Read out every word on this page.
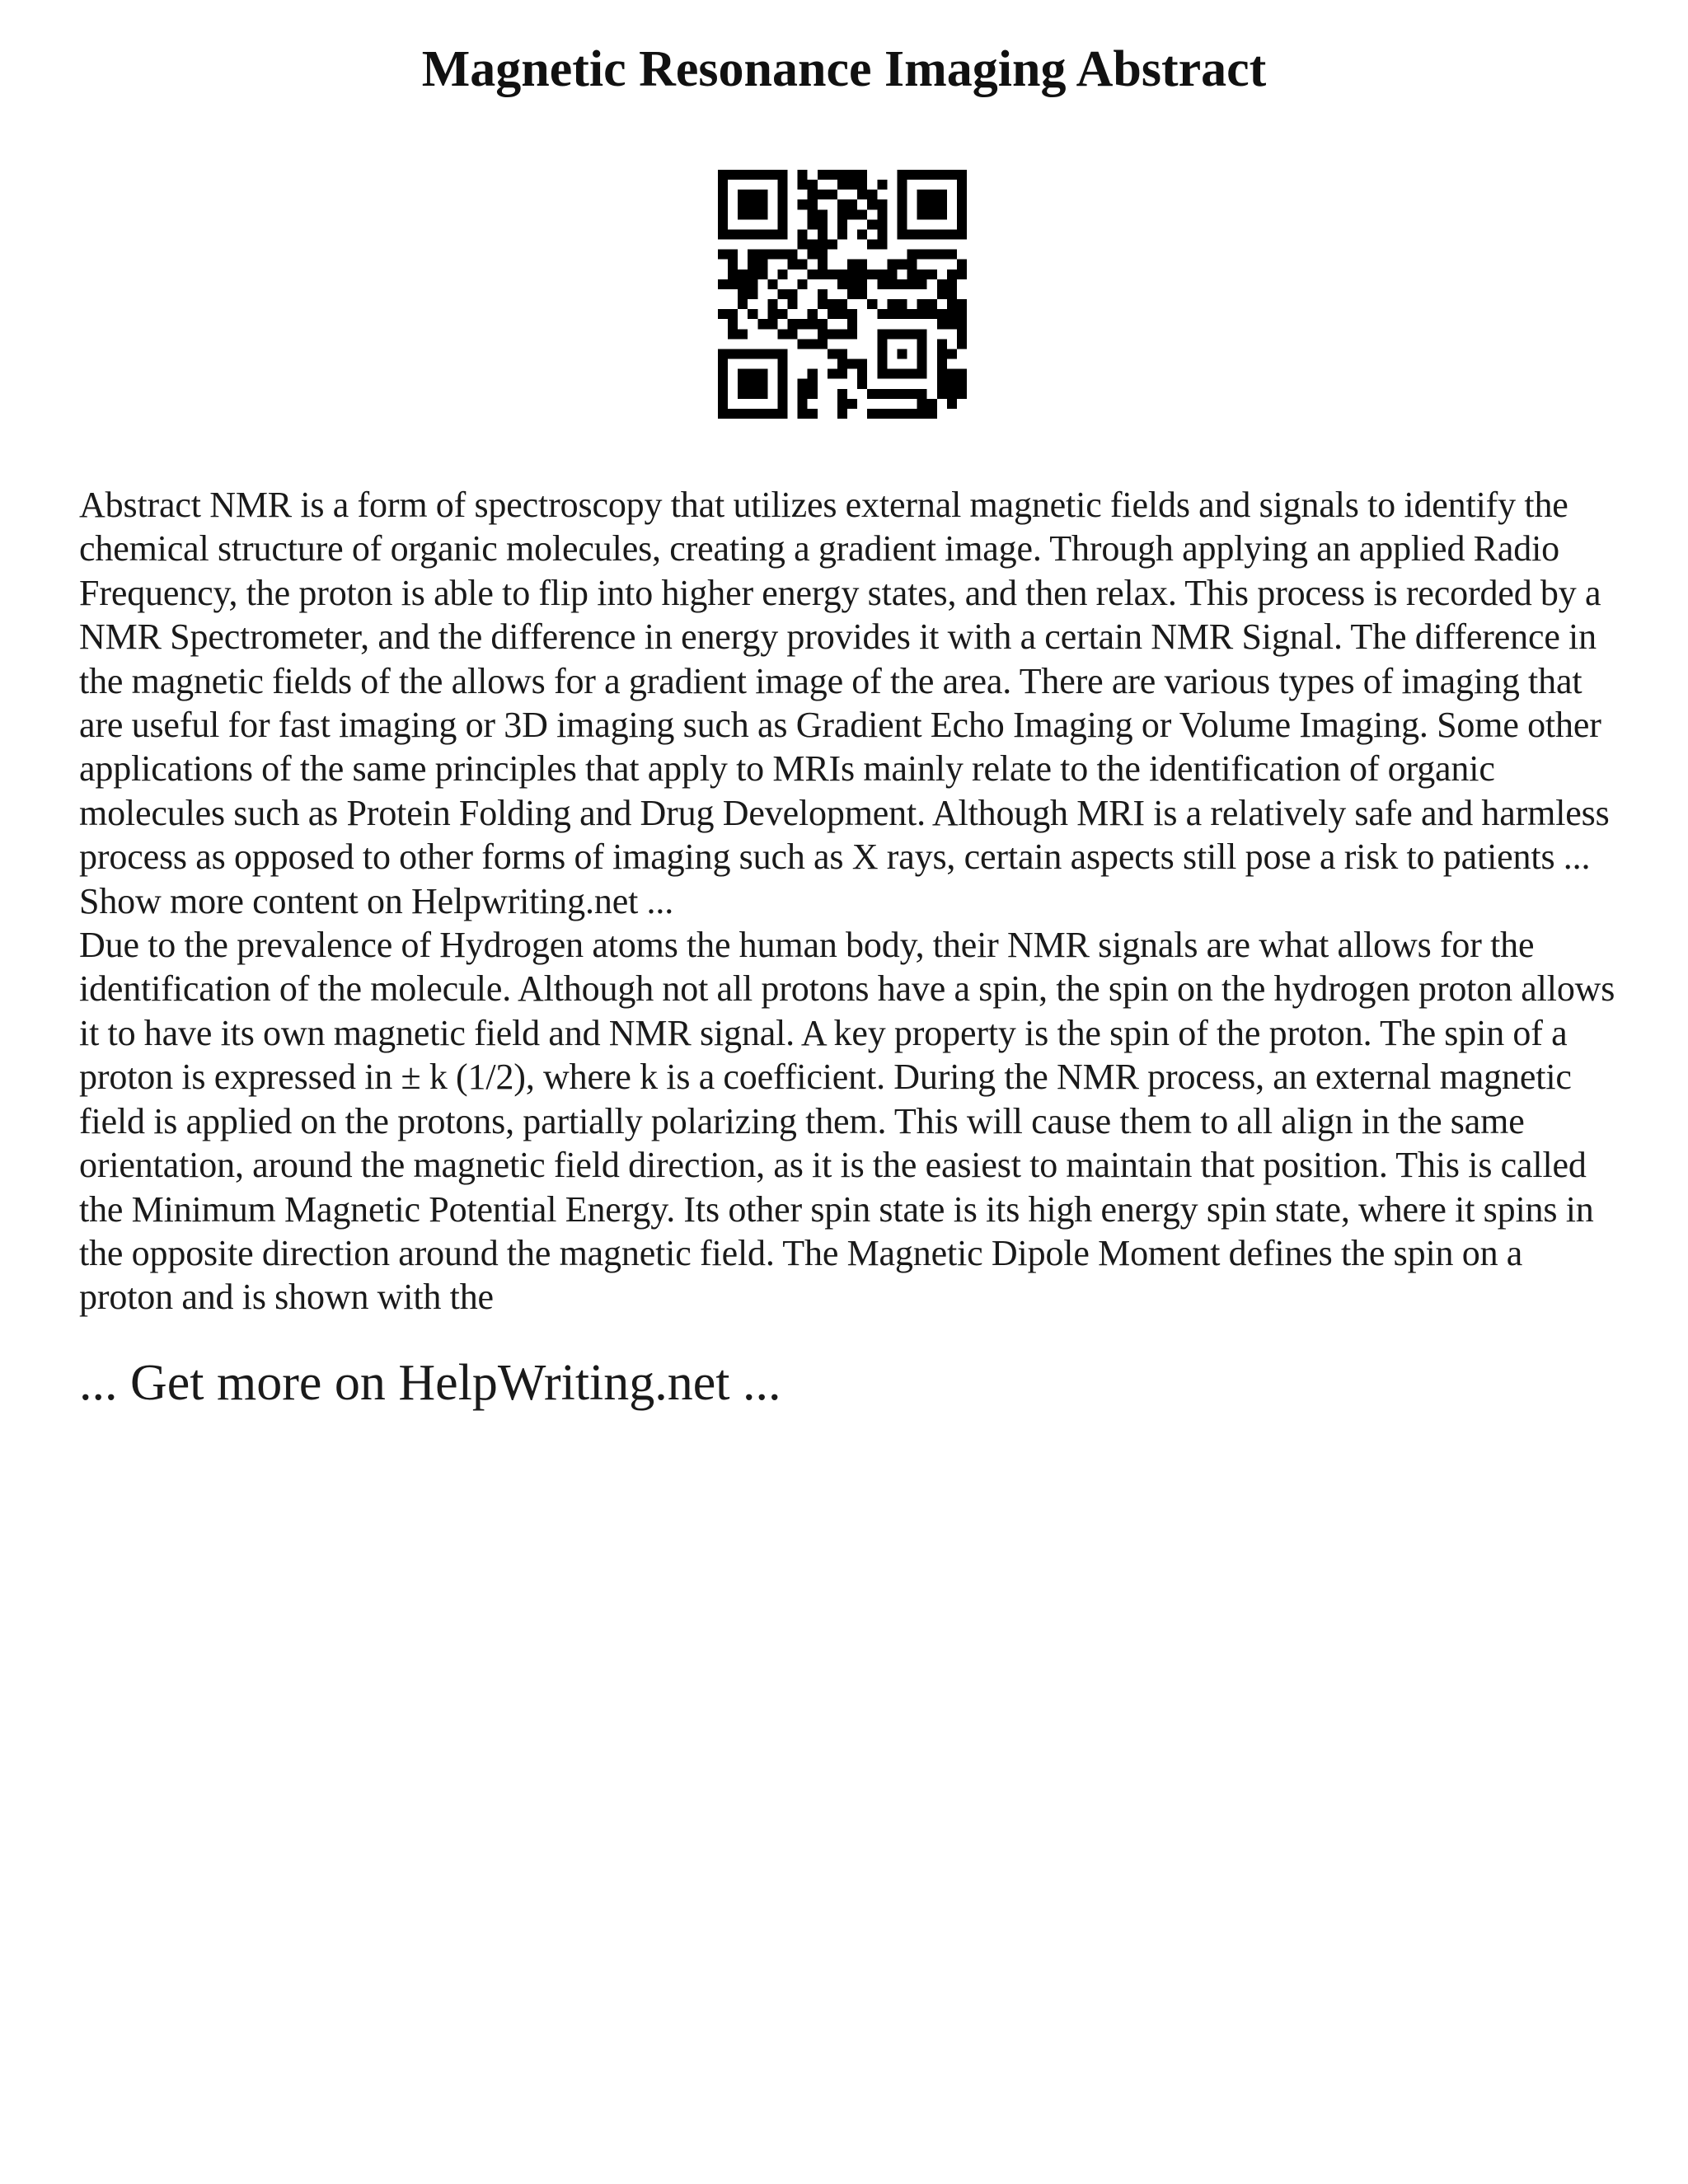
Magnetic Resonance Imaging Abstract

Abstract NMR is a form of spectroscopy that utilizes external magnetic fields and signals to identify the chemical structure of organic molecules, creating a gradient image. Through applying an applied Radio Frequency, the proton is able to flip into higher energy states, and then relax. This process is recorded by a NMR Spectrometer, and the difference in energy provides it with a certain NMR Signal. The difference in the magnetic fields of the allows for a gradient image of the area. There are various types of imaging that are useful for fast imaging or 3D imaging such as Gradient Echo Imaging or Volume Imaging. Some other applications of the same principles that apply to MRIs mainly relate to the identification of organic molecules such as Protein Folding and Drug Development. Although MRI is a relatively safe and harmless process as opposed to other forms of imaging such as X rays, certain aspects still pose a risk to patients ... Show more content on Helpwriting.net ...

Due to the prevalence of Hydrogen atoms the human body, their NMR signals are what allows for the identification of the molecule. Although not all protons have a spin, the spin on the hydrogen proton allows it to have its own magnetic field and NMR signal. A key property is the spin of the proton. The spin of a proton is expressed in ± k (1/2), where k is a coefficient. During the NMR process, an external magnetic field is applied on the protons, partially polarizing them. This will cause them to all align in the same orientation, around the magnetic field direction, as it is the easiest to maintain that position. This is called the Minimum Magnetic Potential Energy. Its other spin state is its high energy spin state, where it spins in the opposite direction around the magnetic field. The Magnetic Dipole Moment defines the spin on a proton and is shown with the

... Get more on HelpWriting.net ...
